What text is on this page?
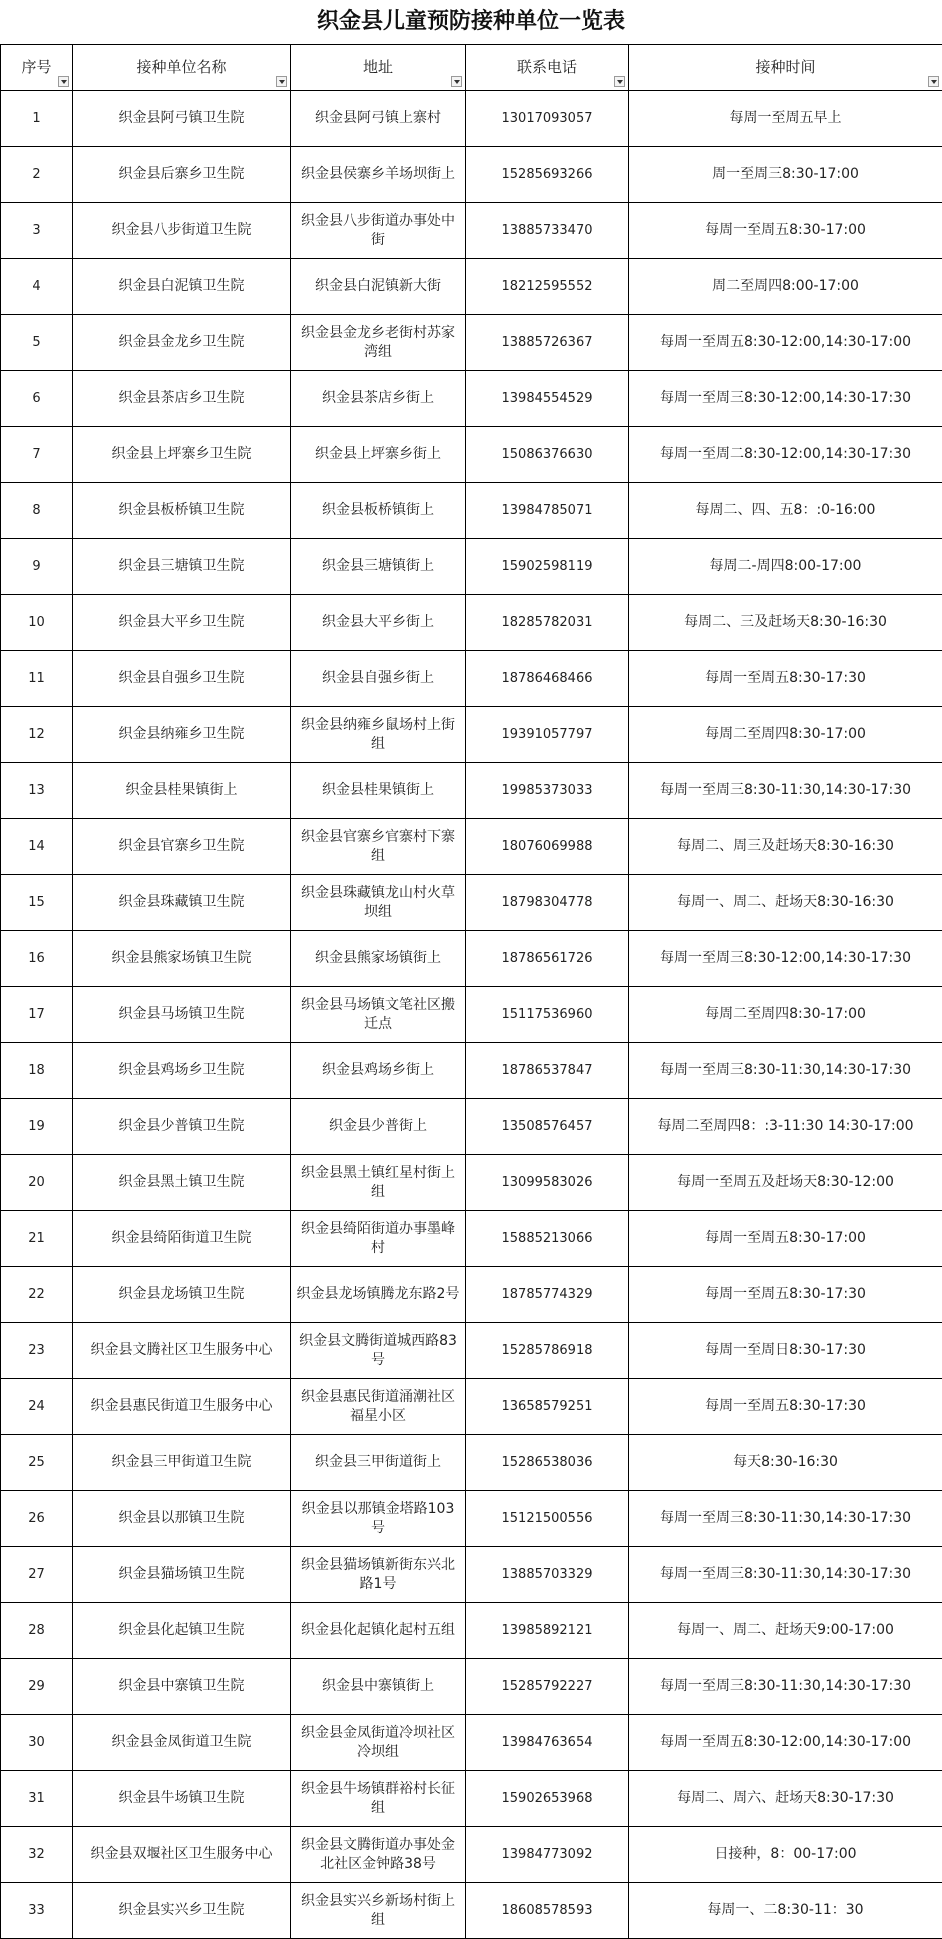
织金县儿童预防接种单位一览表
序号	接种单位名称	地址	联系电话	接种时间

1	织金县阿弓镇卫生院	织金县阿弓镇上寨村	13017093057	每周一至周五早上
2	织金县后寨乡卫生院	织金县侯寨乡羊场坝街上	15285693266	周一至周三8:30-17:00
3	织金县八步街道卫生院	织金县八步街道办事处中街	13885733470	每周一至周五8:30-17:00
4	织金县白泥镇卫生院	织金县白泥镇新大街	18212595552	周二至周四8:00-17:00
5	织金县金龙乡卫生院	织金县金龙乡老街村苏家湾组	13885726367	每周一至周五8:30-12:00,14:30-17:00
6	织金县茶店乡卫生院	织金县茶店乡街上	13984554529	每周一至周三8:30-12:00,14:30-17:30
7	织金县上坪寨乡卫生院	织金县上坪寨乡街上	15086376630	每周一至周二8:30-12:00,14:30-17:30
8	织金县板桥镇卫生院	织金县板桥镇街上	13984785071	每周二、四、五8：:0-16:00
9	织金县三塘镇卫生院	织金县三塘镇街上	15902598119	每周二-周四8:00-17:00
10	织金县大平乡卫生院	织金县大平乡街上	18285782031	每周二、三及赶场天8:30-16:30
11	织金县自强乡卫生院	织金县自强乡街上	18786468466	每周一至周五8:30-17:30
12	织金县纳雍乡卫生院	织金县纳雍乡鼠场村上街组	19391057797	每周二至周四8:30-17:00
13	织金县桂果镇街上	织金县桂果镇街上	19985373033	每周一至周三8:30-11:30,14:30-17:30
14	织金县官寨乡卫生院	织金县官寨乡官寨村下寨组	18076069988	每周二、周三及赶场天8:30-16:30
15	织金县珠藏镇卫生院	织金县珠藏镇龙山村火草坝组	18798304778	每周一、周二、赶场天8:30-16:30
16	织金县熊家场镇卫生院	织金县熊家场镇街上	18786561726	每周一至周三8:30-12:00,14:30-17:30
17	织金县马场镇卫生院	织金县马场镇文笔社区搬迁点	15117536960	每周二至周四8:30-17:00
18	织金县鸡场乡卫生院	织金县鸡场乡街上	18786537847	每周一至周三8:30-11:30,14:30-17:30
19	织金县少普镇卫生院	织金县少普街上	13508576457	每周二至周四8：:3-11:30 14:30-17:00
20	织金县黑土镇卫生院	织金县黑土镇红星村街上组	13099583026	每周一至周五及赶场天8:30-12:00
21	织金县绮陌街道卫生院	织金县绮陌街道办事墨峰村	15885213066	每周一至周五8:30-17:00
22	织金县龙场镇卫生院	织金县龙场镇腾龙东路2号	18785774329	每周一至周五8:30-17:30
23	织金县文腾社区卫生服务中心	织金县文腾街道城西路83号	15285786918	每周一至周日8:30-17:30
24	织金县惠民街道卫生服务中心	织金县惠民街道涌潮社区福星小区	13658579251	每周一至周五8:30-17:30
25	织金县三甲街道卫生院	织金县三甲街道街上	15286538036	每天8:30-16:30
26	织金县以那镇卫生院	织金县以那镇金塔路103号	15121500556	每周一至周三8:30-11:30,14:30-17:30
27	织金县猫场镇卫生院	织金县猫场镇新街东兴北路1号	13885703329	每周一至周三8:30-11:30,14:30-17:30
28	织金县化起镇卫生院	织金县化起镇化起村五组	13985892121	每周一、周二、赶场天9:00-17:00
29	织金县中寨镇卫生院	织金县中寨镇街上	15285792227	每周一至周三8:30-11:30,14:30-17:30
30	织金县金凤街道卫生院	织金县金凤街道冷坝社区冷坝组	13984763654	每周一至周五8:30-12:00,14:30-17:00
31	织金县牛场镇卫生院	织金县牛场镇群裕村长征组	15902653968	每周二、周六、赶场天8:30-17:30
32	织金县双堰社区卫生服务中心	织金县文腾街道办事处金北社区金钟路38号	13984773092	日接种，8：00-17:00
33	织金县实兴乡卫生院	织金县实兴乡新场村街上组	18608578593	每周一、二8:30-11：30
